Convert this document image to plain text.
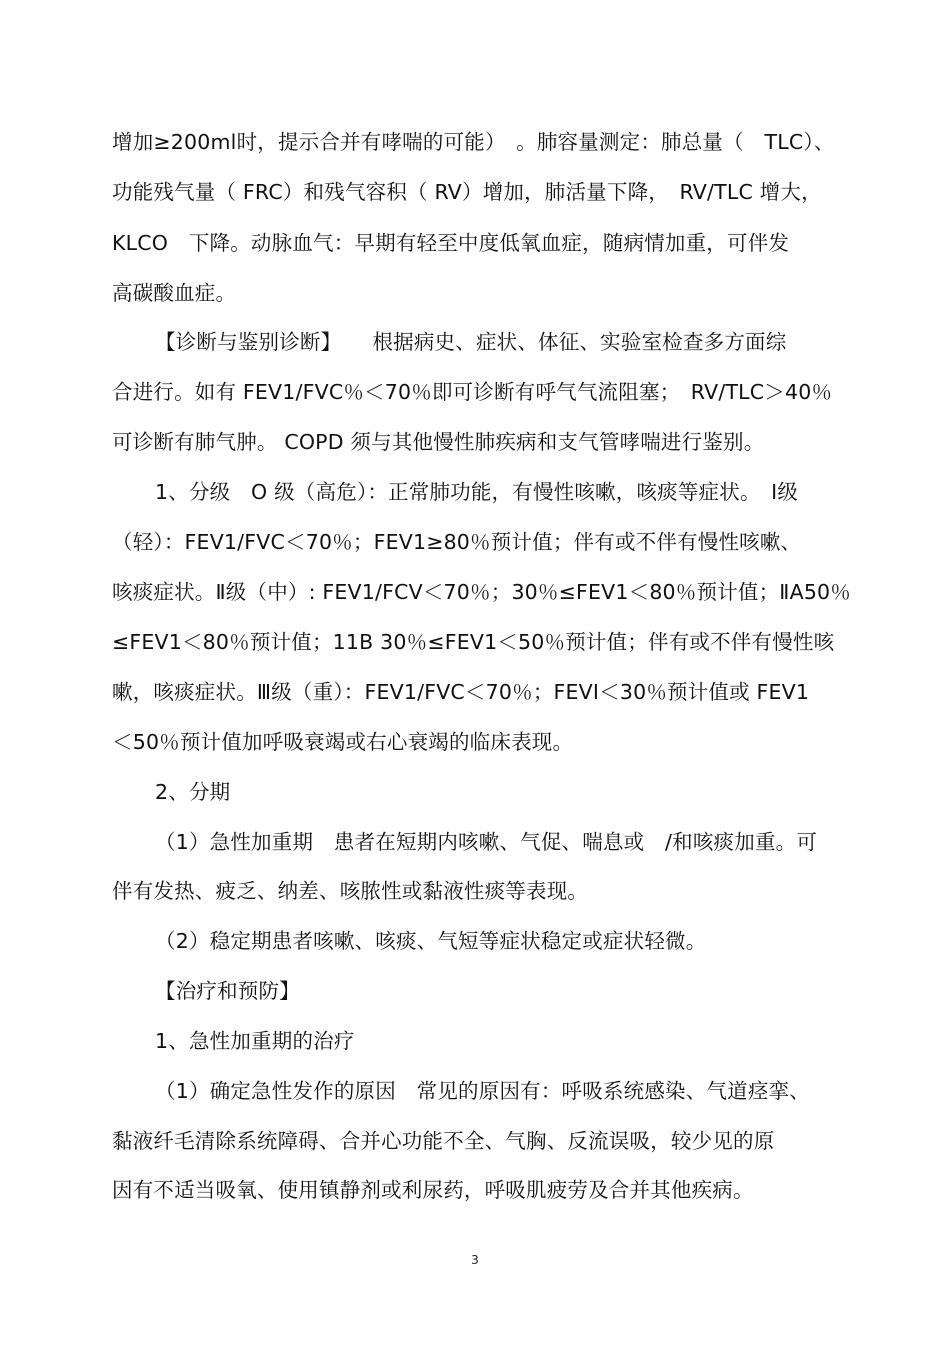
增加≥200ml时，提示合并有哮喘的可能）　。肺容量测定：肺总量（　TLC）、
功能残气量（ FRC）和残气容积（ RV）增加，肺活量下降，　RV/TLC 增大，
KLCO　下降。动脉血气：早期有轻至中度低氧血症，随病情加重，可伴发
高碳酸血症。
【诊断与鉴别诊断】　　根据病史、症状、体征、实验室检查多方面综
合进行。如有 FEV1/FVC％＜70％即可诊断有呼气气流阻塞；　RV/TLC＞40％
可诊断有肺气肿。 COPD 须与其他慢性肺疾病和支气管哮喘进行鉴别。
1、分级　O 级（高危）：正常肺功能，有慢性咳嗽，咳痰等症状。　Ⅰ级
（轻）：FEV1/FVC＜70％；FEV1≥80％预计值；伴有或不伴有慢性咳嗽、
咳痰症状。Ⅱ级（中）: FEV1/FCV＜70％；30％≤FEV1＜80％预计值；ⅡA50％
≤FEV1＜80％预计值；11B 30％≤FEV1＜50％预计值；伴有或不伴有慢性咳
嗽，咳痰症状。Ⅲ级（重）：FEV1/FVC＜70％；FEVI＜30％预计值或 FEV1
＜50％预计值加呼吸衰竭或右心衰竭的临床表现。
2、分期
（1）急性加重期　患者在短期内咳嗽、气促、喘息或　/和咳痰加重。可
伴有发热、疲乏、纳差、咳脓性或黏液性痰等表现。
（2）稳定期患者咳嗽、咳痰、气短等症状稳定或症状轻微。
【治疗和预防】
1、急性加重期的治疗
（1）确定急性发作的原因　常见的原因有：呼吸系统感染、气道痉挛、
黏液纤毛清除系统障碍、合并心功能不全、气胸、反流误吸，较少见的原
因有不适当吸氧、使用镇静剂或利尿药，呼吸肌疲劳及合并其他疾病。
3
